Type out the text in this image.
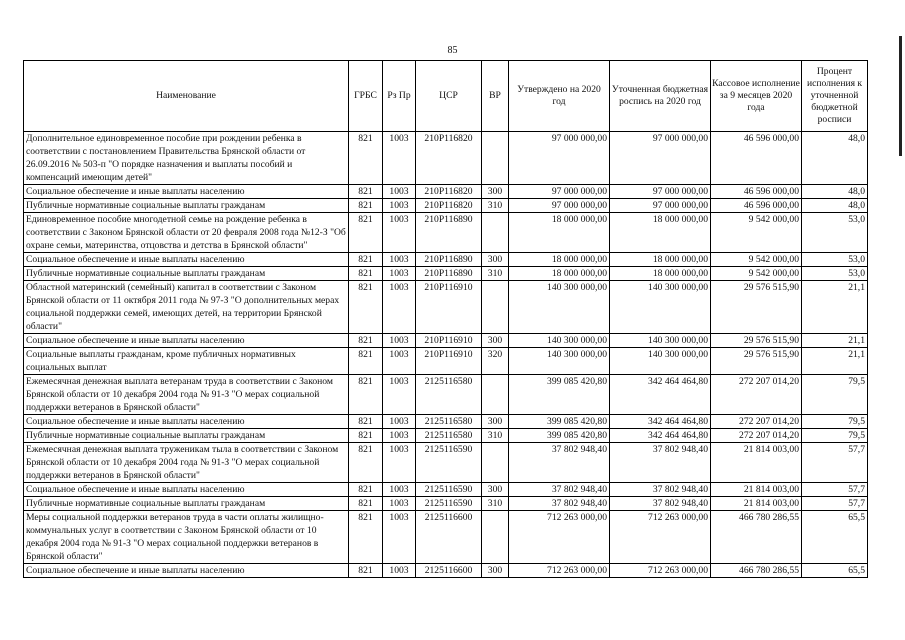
85
Наименование	ГРБС	Рз Пр	ЦСР	ВР	Утверждено на 2020 год	Уточненная бюджетная роспись на 2020 год	Кассовое исполнение за 9 месяцев 2020 года	Процент исполнения к уточненной бюджетной росписи
Дополнительное единовременное пособие при рождении ребенка в соответствии с постановлением Правительства Брянской области от 26.09.2016 № 503-п "О порядке назначения и выплаты пособий и компенсаций имеющим детей"	821	1003	210P116820		97 000 000,00	97 000 000,00	46 596 000,00	48,0
Социальное обеспечение и иные выплаты населению	821	1003	210P116820	300	97 000 000,00	97 000 000,00	46 596 000,00	48,0
Публичные нормативные социальные выплаты гражданам	821	1003	210P116820	310	97 000 000,00	97 000 000,00	46 596 000,00	48,0
Единовременное пособие многодетной семье на рождение ребенка в соответствии с Законом Брянской области от 20 февраля 2008 года №12-З "Об охране семьи, материнства, отцовства и детства в Брянской области"	821	1003	210P116890		18 000 000,00	18 000 000,00	9 542 000,00	53,0
Социальное обеспечение и иные выплаты населению	821	1003	210P116890	300	18 000 000,00	18 000 000,00	9 542 000,00	53,0
Публичные нормативные социальные выплаты гражданам	821	1003	210P116890	310	18 000 000,00	18 000 000,00	9 542 000,00	53,0
Областной материнский (семейный) капитал в соответствии с Законом Брянской области от 11 октября 2011 года № 97-З "О дополнительных мерах социальной поддержки семей, имеющих детей, на территории Брянской области"	821	1003	210P116910		140 300 000,00	140 300 000,00	29 576 515,90	21,1
Социальное обеспечение и иные выплаты населению	821	1003	210P116910	300	140 300 000,00	140 300 000,00	29 576 515,90	21,1
Социальные выплаты гражданам, кроме публичных нормативных социальных выплат	821	1003	210P116910	320	140 300 000,00	140 300 000,00	29 576 515,90	21,1
Ежемесячная денежная выплата ветеранам труда в соответствии с Законом Брянской области от 10 декабря 2004 года № 91-З "О мерах социальной поддержки ветеранов в Брянской области"	821	1003	2125116580		399 085 420,80	342 464 464,80	272 207 014,20	79,5
Социальное обеспечение и иные выплаты населению	821	1003	2125116580	300	399 085 420,80	342 464 464,80	272 207 014,20	79,5
Публичные нормативные социальные выплаты гражданам	821	1003	2125116580	310	399 085 420,80	342 464 464,80	272 207 014,20	79,5
Ежемесячная денежная выплата труженикам тыла в соответствии с Законом Брянской области от 10 декабря 2004 года № 91-З "О мерах социальной поддержки ветеранов в Брянской области"	821	1003	2125116590		37 802 948,40	37 802 948,40	21 814 003,00	57,7
Социальное обеспечение и иные выплаты населению	821	1003	2125116590	300	37 802 948,40	37 802 948,40	21 814 003,00	57,7
Публичные нормативные социальные выплаты гражданам	821	1003	2125116590	310	37 802 948,40	37 802 948,40	21 814 003,00	57,7
Меры социальной поддержки ветеранов труда в части оплаты жилищно-коммунальных услуг в соответствии с Законом Брянской области от 10 декабря 2004 года № 91-З "О мерах социальной поддержки ветеранов в Брянской области"	821	1003	2125116600		712 263 000,00	712 263 000,00	466 780 286,55	65,5
Социальное обеспечение и иные выплаты населению	821	1003	2125116600	300	712 263 000,00	712 263 000,00	466 780 286,55	65,5
